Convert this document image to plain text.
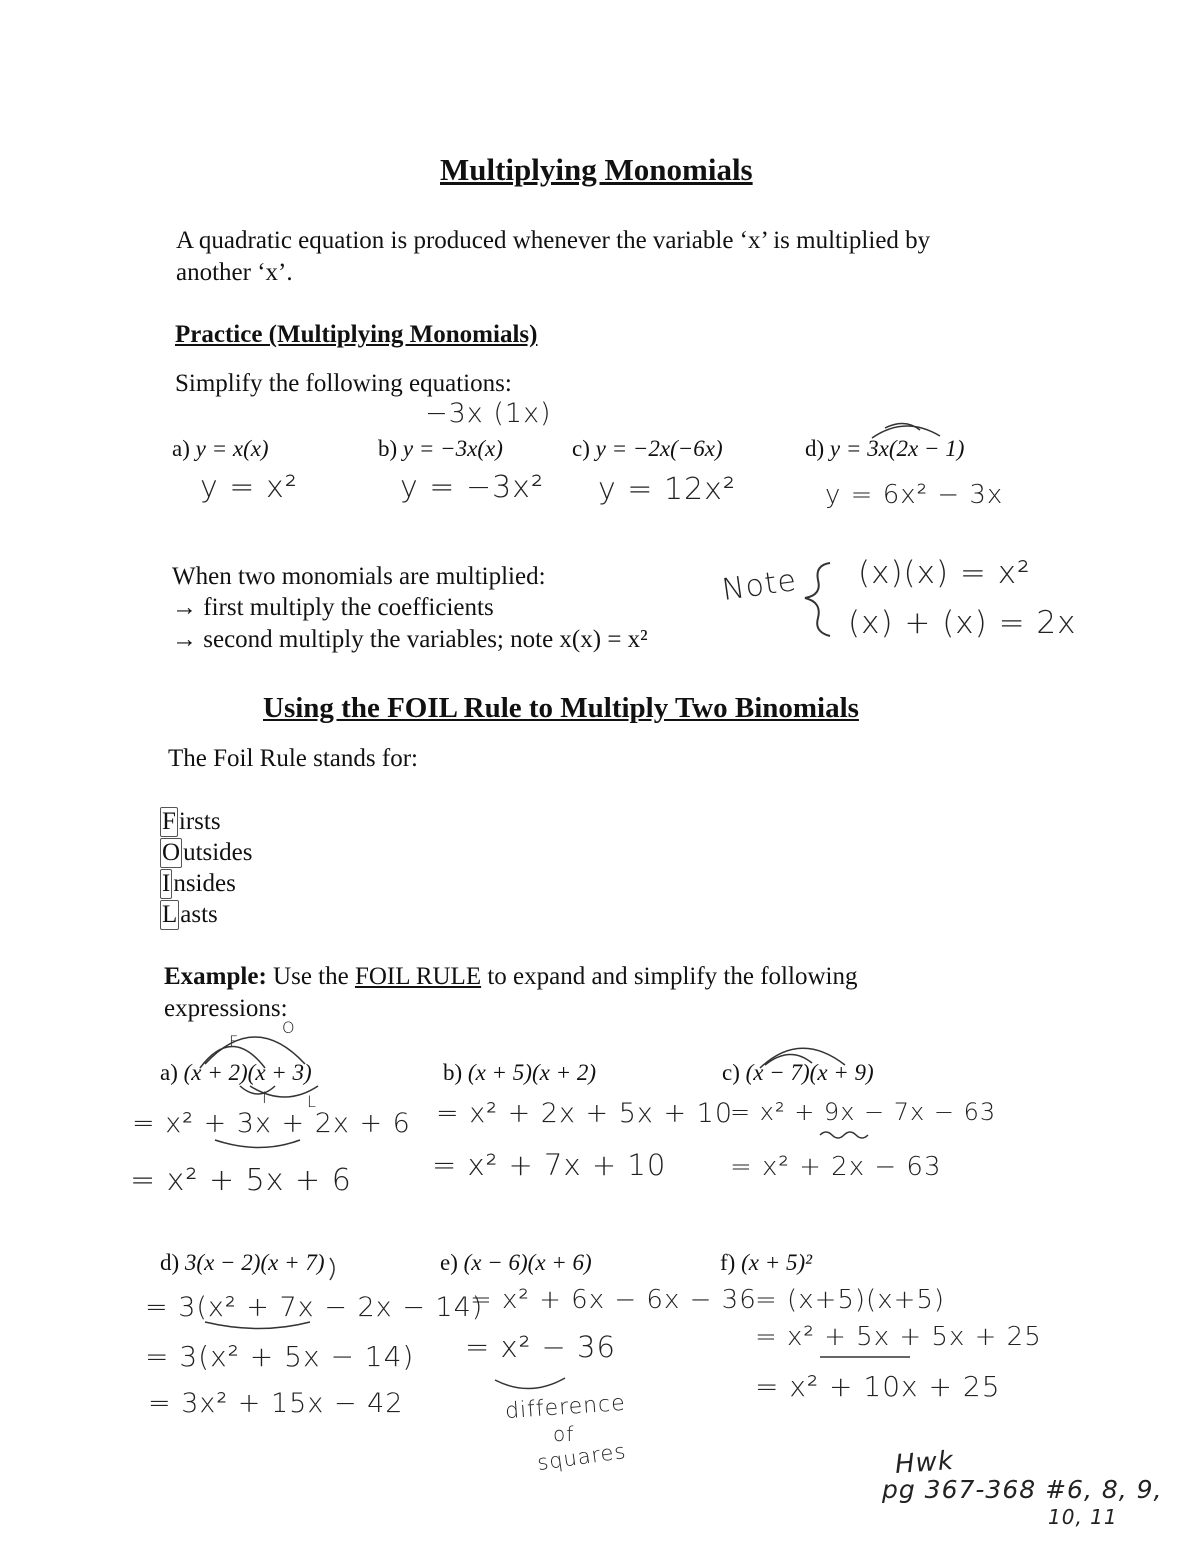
Multiplying Monomials
A quadratic equation is produced whenever the variable ‘x’ is multiplied by another ‘x’.
Practice (Multiplying Monomials)
Simplify the following equations:
a) y = x(x)
y = x²
−3x (1x)
b) y = −3x(x)
y = −3x²
c) y = −2x(−6x)
y = 12x²
d) y = 3x(2x − 1)
y = 6x² − 3x
When two monomials are multiplied:
→ first multiply the coefficients
→ second multiply the variables; note x(x) = x²
Note (x)(x) = x²
(x) + (x) = 2x
Using the FOIL Rule to Multiply Two Binomials
The Foil Rule stands for:
F irsts
O utsides
I nsides
L asts
Example: Use the FOIL RULE to expand and simplify the following
expressions:
a) (x + 2)(x + 3)
F
O
I L
= x² + 3x + 2x + 6
= x² + 5x + 6
b) (x + 5)(x + 2)
= x² + 2x + 5x + 10
= x² + 7x + 10
c) (x − 7)(x + 9)
= x² + 9x − 7x − 63
= x² + 2x − 63
d) 3(x − 2)(x + 7)
= 3(x² + 7x − 2x − 14)
= 3(x² + 5x − 14)
= 3x² + 15x − 42
e) (x − 6)(x + 6)
= x² + 6x − 6x − 36
= x² − 36
difference
of
squares
f) (x + 5)²
= (x+5)(x+5)
= x² + 5x + 5x + 25
= x² + 10x + 25
Hwk
pg 367-368 #6, 8, 9,
10, 11
